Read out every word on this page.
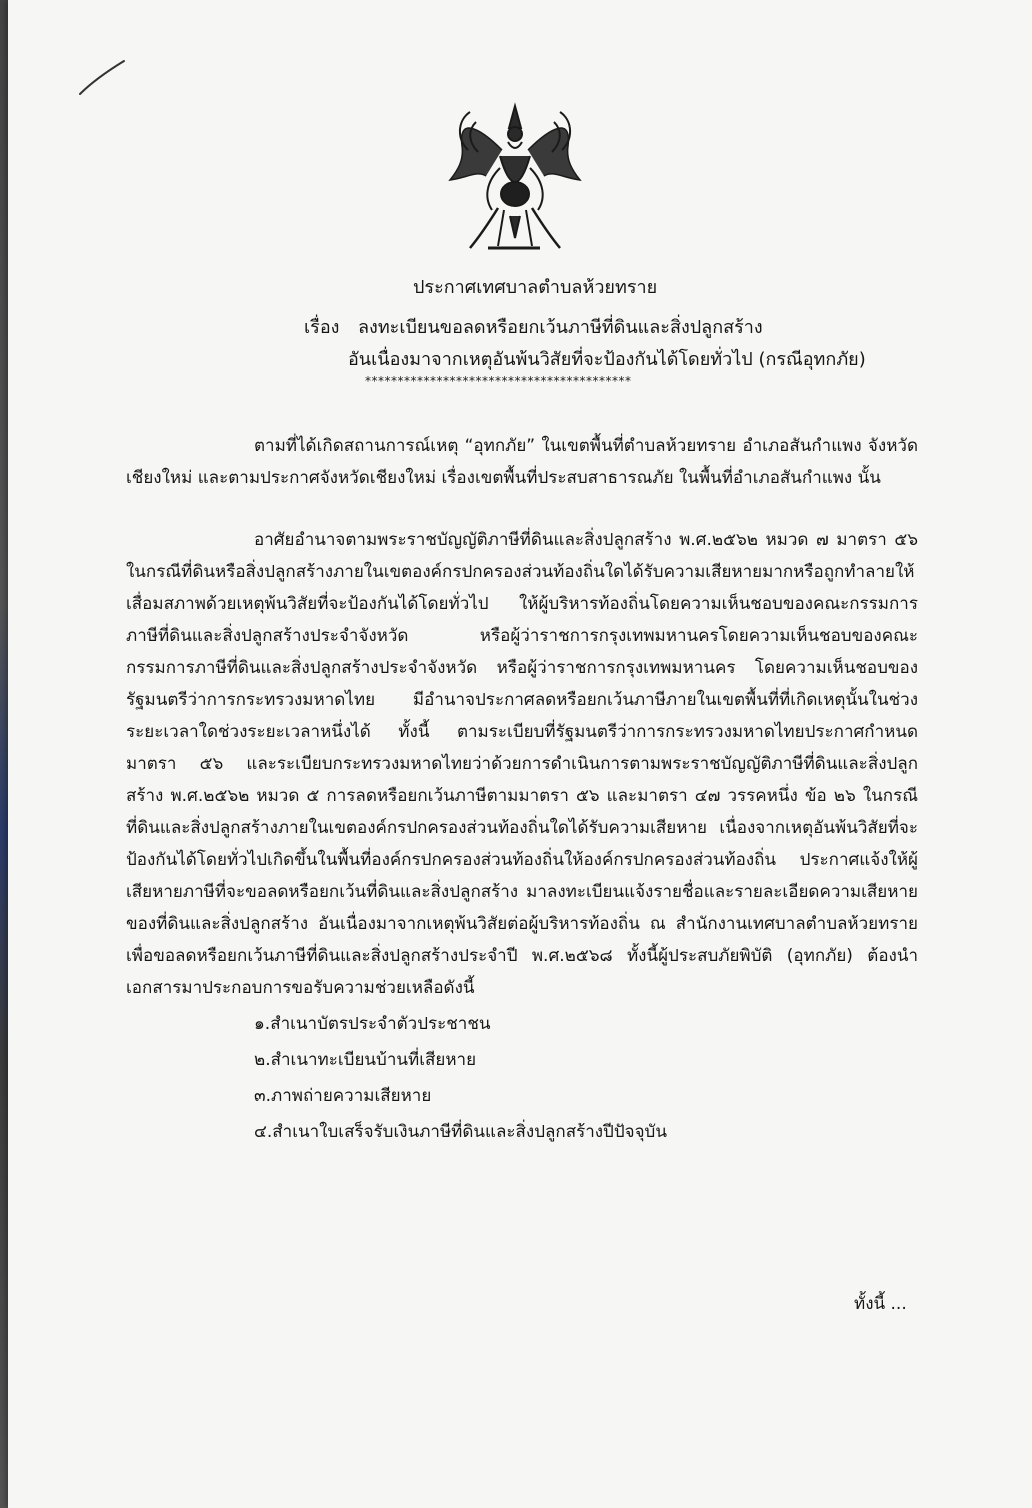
ประกาศเทศบาลตำบลห้วยทราย
เรื่อง ลงทะเบียนขอลดหรือยกเว้นภาษีที่ดินและสิ่งปลูกสร้าง
อันเนื่องมาจากเหตุอันพ้นวิสัยที่จะป้องกันได้โดยทั่วไป (กรณีอุทกภัย)
*****************************************

ตามที่ได้เกิดสถานการณ์เหตุ “อุทกภัย” ในเขตพื้นที่ตำบลห้วยทราย อำเภอสันกำแพง จังหวัดเชียงใหม่ และตามประกาศจังหวัดเชียงใหม่ เรื่องเขตพื้นที่ประสบสาธารณภัย ในพื้นที่อำเภอสันกำแพง นั้น

อาศัยอำนาจตามพระราชบัญญัติภาษีที่ดินและสิ่งปลูกสร้าง พ.ศ.๒๕๖๒ หมวด ๗ มาตรา ๕๖ ในกรณีที่ดินหรือสิ่งปลูกสร้างภายในเขตองค์กรปกครองส่วนท้องถิ่นใดได้รับความเสียหายมากหรือถูกทำลายให้เสื่อมสภาพด้วยเหตุพ้นวิสัยที่จะป้องกันได้โดยทั่วไป ให้ผู้บริหารท้องถิ่นโดยความเห็นชอบของคณะกรรมการภาษีที่ดินและสิ่งปลูกสร้างประจำจังหวัด หรือผู้ว่าราชการกรุงเทพมหานครโดยความเห็นชอบของคณะกรรมการภาษีที่ดินและสิ่งปลูกสร้างประจำจังหวัด หรือผู้ว่าราชการกรุงเทพมหานคร โดยความเห็นชอบของรัฐมนตรีว่าการกระทรวงมหาดไทย มีอำนาจประกาศลดหรือยกเว้นภาษีภายในเขตพื้นที่ที่เกิดเหตุนั้นในช่วงระยะเวลาใดช่วงระยะเวลาหนึ่งได้ ทั้งนี้ ตามระเบียบที่รัฐมนตรีว่าการกระทรวงมหาดไทยประกาศกำหนด มาตรา ๕๖ และระเบียบกระทรวงมหาดไทยว่าด้วยการดำเนินการตามพระราชบัญญัติภาษีที่ดินและสิ่งปลูกสร้าง พ.ศ.๒๕๖๒ หมวด ๕ การลดหรือยกเว้นภาษีตามมาตรา ๕๖ และมาตรา ๔๗ วรรคหนึ่ง ข้อ ๒๖ ในกรณีที่ดินและสิ่งปลูกสร้างภายในเขตองค์กรปกครองส่วนท้องถิ่นใดได้รับความเสียหาย เนื่องจากเหตุอันพ้นวิสัยที่จะป้องกันได้โดยทั่วไปเกิดขึ้นในพื้นที่องค์กรปกครองส่วนท้องถิ่นให้องค์กรปกครองส่วนท้องถิ่น ประกาศแจ้งให้ผู้เสียหายภาษีที่จะขอลดหรือยกเว้นที่ดินและสิ่งปลูกสร้าง มาลงทะเบียนแจ้งรายชื่อและรายละเอียดความเสียหายของที่ดินและสิ่งปลูกสร้าง อันเนื่องมาจากเหตุพ้นวิสัยต่อผู้บริหารท้องถิ่น ณ สำนักงานเทศบาลตำบลห้วยทราย เพื่อขอลดหรือยกเว้นภาษีที่ดินและสิ่งปลูกสร้างประจำปี พ.ศ.๒๕๖๘ ทั้งนี้ผู้ประสบภัยพิบัติ (อุทกภัย) ต้องนำเอกสารมาประกอบการขอรับความช่วยเหลือดังนี้

๑.สำเนาบัตรประจำตัวประชาชน
๒.สำเนาทะเบียนบ้านที่เสียหาย
๓.ภาพถ่ายความเสียหาย
๔.สำเนาใบเสร็จรับเงินภาษีที่ดินและสิ่งปลูกสร้างปีปัจจุบัน
ทั้งนี้ ...
